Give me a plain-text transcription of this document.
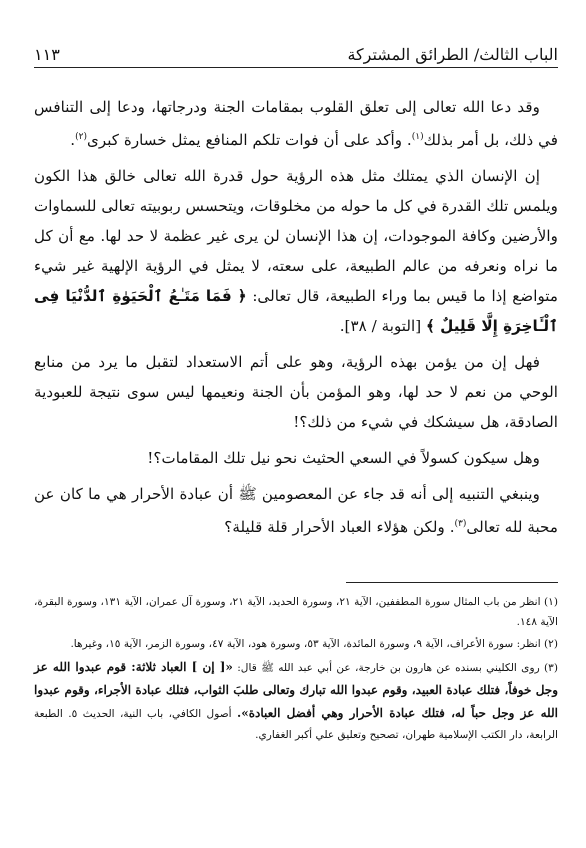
الباب الثالث/ الطرائق المشتركة
١١٣

وقد دعا الله تعالى إلى تعلق القلوب بمقامات الجنة ودرجاتها، ودعا إلى التنافس في ذلك، بل أمر بذلك$^{(١)}$. وأكد على أن فوات تلكم المنافع يمثل خسارة كبرى$^{(٢)}$.

إن الإنسان الذي يمتلك مثل هذه الرؤية حول قدرة الله تعالى خالق هذا الكون ويلمس تلك القدرة في كل ما حوله من مخلوقات، ويتحسس ربوبيته تعالى للسماوات والأرضين وكافة الموجودات، إن هذا الإنسان لن يرى غير عظمة لا حد لها. مع أن كل ما نراه ونعرفه من عالم الطبيعة، على سعته، لا يمثل في الرؤية الإلهية غير شيء متواضع إذا ما قيس بما وراء الطبيعة، قال تعالى: ﴿ فَمَا مَتَـٰعُ ٱلْحَيَوٰةِ ٱلدُّنْيَا فِى ٱلْـَٔاخِرَةِ إِلَّا قَلِيلٌ ﴾ [التوبة / ٣٨].

فهل إن من يؤمن بهذه الرؤية، وهو على أتم الاستعداد لتقبل ما يرد من منابع الوحي من نعم لا حد لها، وهو المؤمن بأن الجنة ونعيمها ليس سوى نتيجة للعبودية الصادقة، هل سيشكك في شيء من ذلك؟!

وهل سيكون كسولاً في السعي الحثيث نحو نيل تلك المقامات؟!

وينبغي التنبيه إلى أنه قد جاء عن المعصومين ﷺ أن عبادة الأحرار هي ما كان عن محبة لله تعالى$^{(٣)}$. ولكن هؤلاء العباد الأحرار قلة قليلة؟

(١) انظر من باب المثال سورة المطففين، الآية ٢١، وسورة الحديد، الآية ٢١، وسورة آل عمران، الآية ١٣١، وسورة البقرة، الآية ١٤٨.

(٢) انظر: سورة الأعراف، الآية ٩، وسورة المائدة، الآية ٥٣، وسورة هود، الآية ٤٧، وسورة الزمر، الآية ١٥، وغيرها.

(٣) روى الكليني بسنده عن هارون بن خارجة، عن أبي عبد الله ﷺ قال: «[ إن ] العباد ثلاثة: قوم عبدوا الله عز وجل خوفاً، فتلك عبادة العبيد، وقوم عبدوا الله تبارك وتعالى طلبَ الثواب، فتلك عبادة الأجراء، وقوم عبدوا الله عز وجل حباً له، فتلك عبادة الأحرار وهي أفضل العبادة». أصول الكافي، باب النية، الحديث ٥. الطبعة الرابعة، دار الكتب الإسلامية طهران، تصحيح وتعليق علي أكبر الغفاري.
